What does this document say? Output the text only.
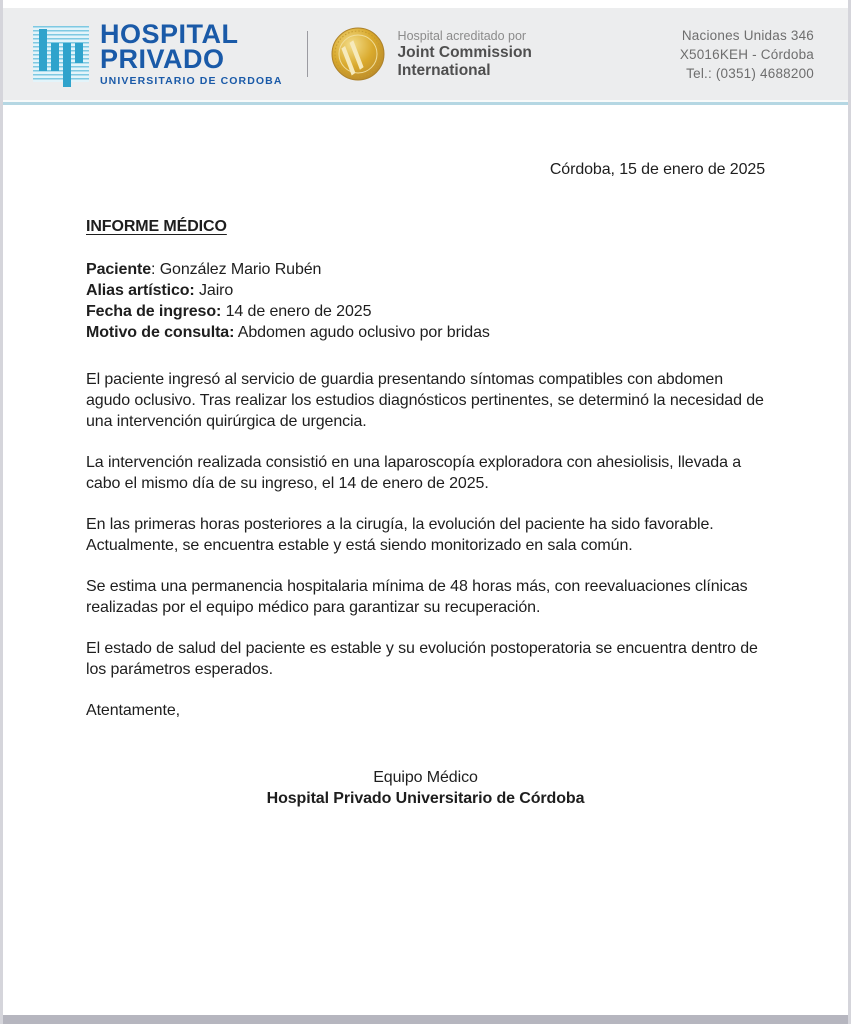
HOSPITAL
PRIVADO
UNIVERSITARIO DE CORDOBA
Hospital acreditado por
Joint Commission
International
Naciones Unidas 346
X5016KEH - Córdoba
Tel.: (0351) 4688200
Córdoba, 15 de enero de 2025
INFORME MÉDICO
Paciente: González Mario Rubén
Alias artístico: Jairo
Fecha de ingreso: 14 de enero de 2025
Motivo de consulta: Abdomen agudo oclusivo por bridas

El paciente ingresó al servicio de guardia presentando síntomas compatibles con abdomen agudo oclusivo. Tras realizar los estudios diagnósticos pertinentes, se determinó la necesidad de una intervención quirúrgica de urgencia.

La intervención realizada consistió en una laparoscopía exploradora con ahesiolisis, llevada a cabo el mismo día de su ingreso, el 14 de enero de 2025.

En las primeras horas posteriores a la cirugía, la evolución del paciente ha sido favorable. Actualmente, se encuentra estable y está siendo monitorizado en sala común.

Se estima una permanencia hospitalaria mínima de 48 horas más, con reevaluaciones clínicas realizadas por el equipo médico para garantizar su recuperación.

El estado de salud del paciente es estable y su evolución postoperatoria se encuentra dentro de los parámetros esperados.

Atentamente,
Equipo Médico
Hospital Privado Universitario de Córdoba
